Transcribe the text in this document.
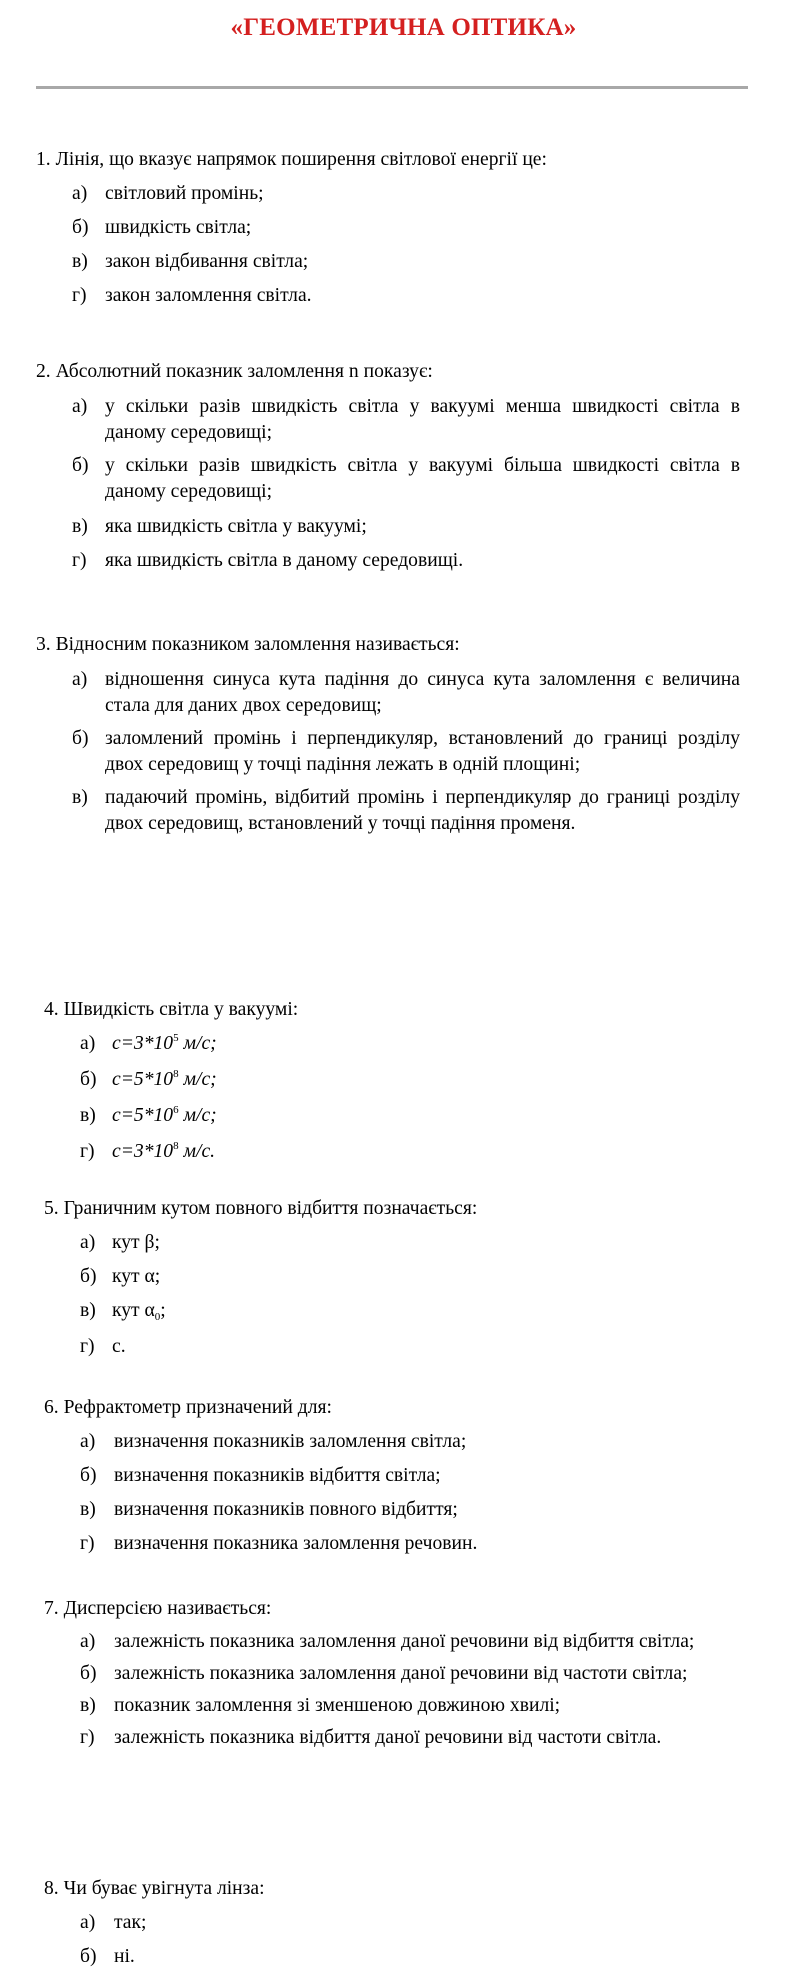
«ГЕОМЕТРИЧНА ОПТИКА»

1. Лінія, що вказує напрямок поширення світлової енергії це:

а) світловий промінь;
б) швидкість світла;
в) закон відбивання світла;
г) закон заломлення світла.

2. Абсолютний показник заломлення n показує:

а) у скільки разів швидкість світла у вакуумі менша швидкості світла в даному середовищі;
б) у скільки разів швидкість світла у вакуумі більша швидкості світла в даному середовищі;
в) яка швидкість світла у вакуумі;
г) яка швидкість світла в даному середовищі.

3. Відносним показником заломлення називається:

а) відношення синуса кута падіння до синуса кута заломлення є величина стала для даних двох середовищ;
б) заломлений промінь і перпендикуляр, встановлений до границі розділу двох середовищ у точці падіння лежать в одній площині;
в) падаючий промінь, відбитий промінь і перпендикуляр до границі розділу двох середовищ, встановлений у точці падіння променя.

4. Швидкість світла у вакуумі:

а) $c=3*10^5$ м/с;
б) $c=5*10^8$ м/с;
в) $c=5*10^6$ м/с;
г) $c=3*10^8$ м/с.

5. Граничним кутом повного відбиття позначається:

а) кут β;
б) кут α;
в) кут $\alpha_0$;
г) c.

6. Рефрактометр призначений для:

а) визначення показників заломлення світла;
б) визначення показників відбиття світла;
в) визначення показників повного відбиття;
г) визначення показника заломлення речовин.

7. Дисперсією називається:

а) залежність показника заломлення даної речовини від відбиття світла;
б) залежність показника заломлення даної речовини від частоти світла;
в) показник заломлення зі зменшеною довжиною хвилі;
г) залежність показника відбиття даної речовини від частоти світла.

8. Чи буває увігнута лінза:

а) так;
б) ні.
